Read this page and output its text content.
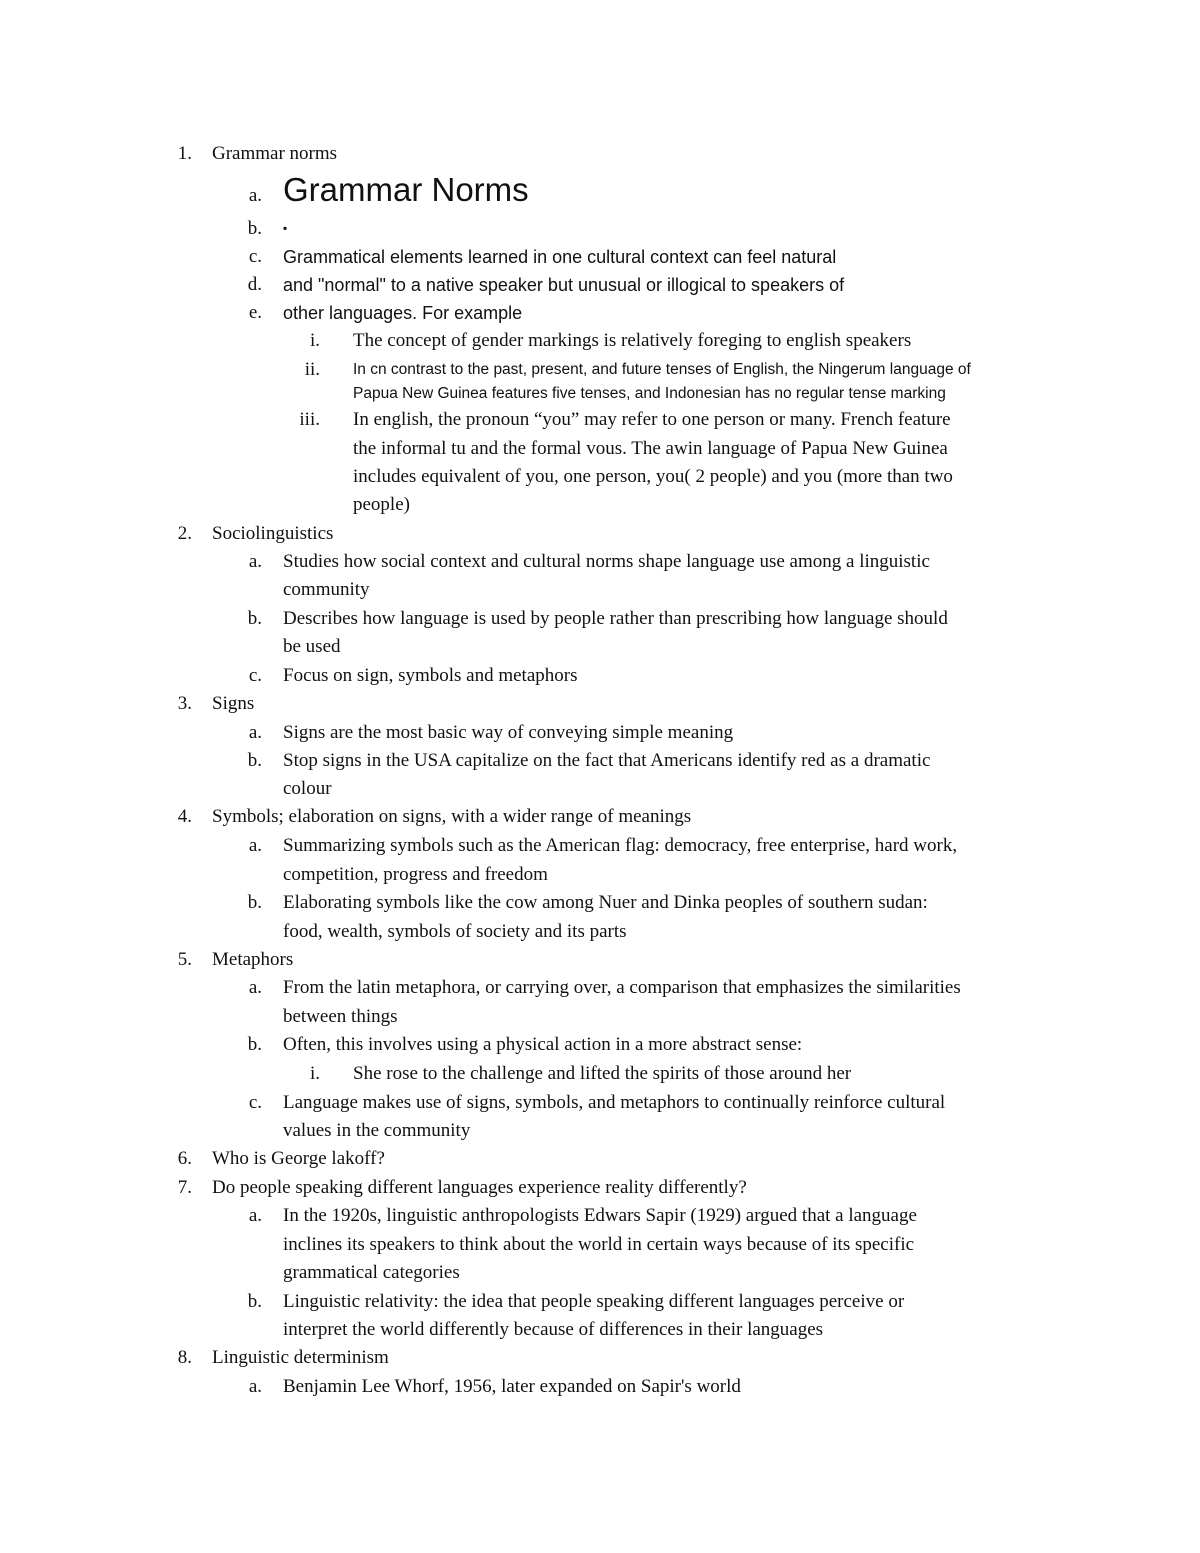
1. Grammar norms
a. Grammar Norms
b. ▪
c. Grammatical elements learned in one cultural context can feel natural
d. and "normal" to a native speaker but unusual or illogical to speakers of
e. other languages. For example
i. The concept of gender markings is relatively foreging to english speakers
ii. In cn contrast to the past, present, and future tenses of English, the Ningerum language of
Papua New Guinea features five tenses, and Indonesian has no regular tense marking
iii. In english, the pronoun “you” may refer to one person or many. French feature
the informal tu and the formal vous. The awin language of Papua New Guinea
includes equivalent of you, one person, you( 2 people) and you (more than two
people)
2. Sociolinguistics
a. Studies how social context and cultural norms shape language use among a linguistic
community
b. Describes how language is used by people rather than prescribing how language should
be used
c. Focus on sign, symbols and metaphors
3. Signs
a. Signs are the most basic way of conveying simple meaning
b. Stop signs in the USA capitalize on the fact that Americans identify red as a dramatic
colour
4. Symbols; elaboration on signs, with a wider range of meanings
a. Summarizing symbols such as the American flag: democracy, free enterprise, hard work,
competition, progress and freedom
b. Elaborating symbols like the cow among Nuer and Dinka peoples of southern sudan:
food, wealth, symbols of society and its parts
5. Metaphors
a. From the latin metaphora, or carrying over, a comparison that emphasizes the similarities
between things
b. Often, this involves using a physical action in a more abstract sense:
i. She rose to the challenge and lifted the spirits of those around her
c. Language makes use of signs, symbols, and metaphors to continually reinforce cultural
values in the community
6. Who is George lakoff?
7. Do people speaking different languages experience reality differently?
a. In the 1920s, linguistic anthropologists Edwars Sapir (1929) argued that a language
inclines its speakers to think about the world in certain ways because of its specific
grammatical categories
b. Linguistic relativity: the idea that people speaking different languages perceive or
interpret the world differently because of differences in their languages
8. Linguistic determinism
a. Benjamin Lee Whorf, 1956, later expanded on Sapir's world
